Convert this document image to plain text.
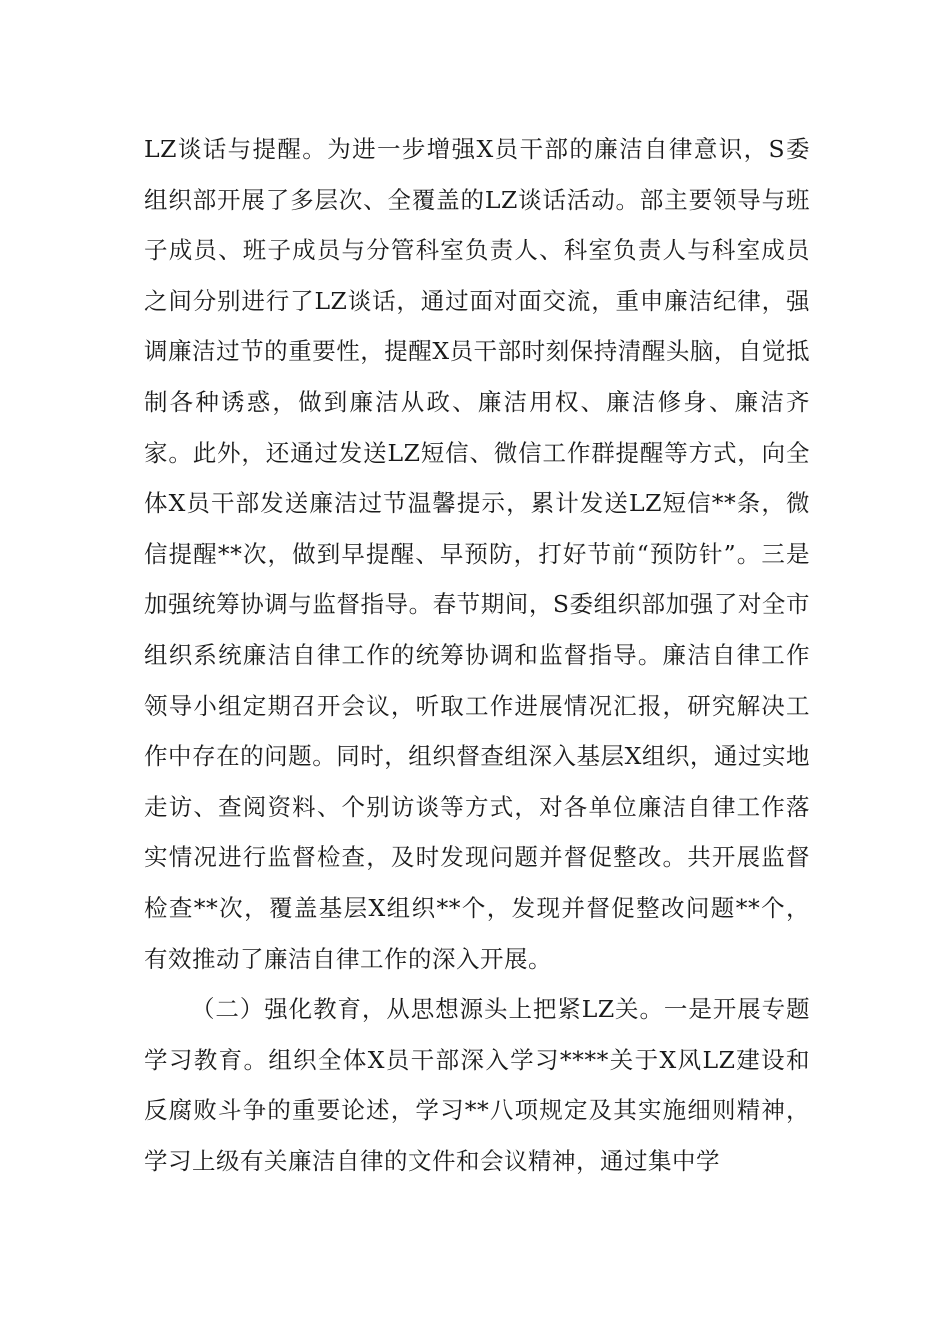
LZ谈话与提醒。为进一步增强X员干部的廉洁自律意识，S委组织部开展了多层次、全覆盖的LZ谈话活动。部主要领导与班子成员、班子成员与分管科室负责人、科室负责人与科室成员之间分别进行了LZ谈话，通过面对面交流，重申廉洁纪律，强调廉洁过节的重要性，提醒X员干部时刻保持清醒头脑，自觉抵制各种诱惑，做到廉洁从政、廉洁用权、廉洁修身、廉洁齐家。此外，还通过发送LZ短信、微信工作群提醒等方式，向全体X员干部发送廉洁过节温馨提示，累计发送LZ短信**条，微信提醒**次，做到早提醒、早预防，打好节前“预防针”。三是加强统筹协调与监督指导。春节期间，S委组织部加强了对全市组织系统廉洁自律工作的统筹协调和监督指导。廉洁自律工作领导小组定期召开会议，听取工作进展情况汇报，研究解决工作中存在的问题。同时，组织督查组深入基层X组织，通过实地走访、查阅资料、个别访谈等方式，对各单位廉洁自律工作落实情况进行监督检查，及时发现问题并督促整改。共开展监督检查**次，覆盖基层X组织**个，发现并督促整改问题**个，有效推动了廉洁自律工作的深入开展。

（二）强化教育，从思想源头上把紧LZ关。一是开展专题学习教育。组织全体X员干部深入学习****关于X风LZ建设和反腐败斗争的重要论述，学习**八项规定及其实施细则精神，学习上级有关廉洁自律的文件和会议精神，通过集中学
